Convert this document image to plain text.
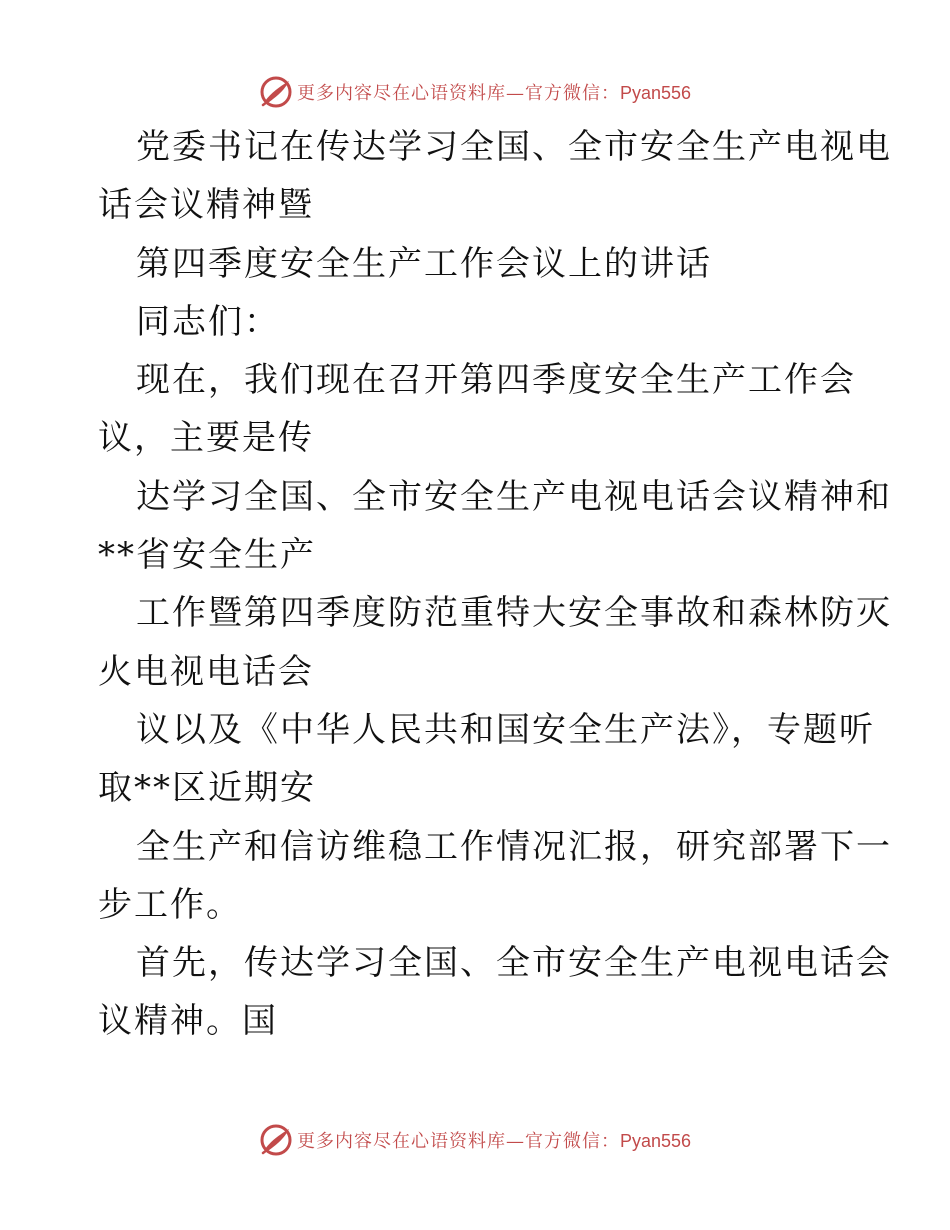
更多内容尽在心语资料库—官方微信：Pyan556
党委书记在传达学习全国、全市安全生产电视电
话会议精神暨
第四季度安全生产工作会议上的讲话
同志们：
现在，我们现在召开第四季度安全生产工作会
议，主要是传
达学习全国、全市安全生产电视电话会议精神和
**省安全生产
工作暨第四季度防范重特大安全事故和森林防灭
火电视电话会
议以及《中华人民共和国安全生产法》，专题听
取**区近期安
全生产和信访维稳工作情况汇报，研究部署下一
步工作。
首先，传达学习全国、全市安全生产电视电话会
议精神。国
更多内容尽在心语资料库—官方微信：Pyan556
